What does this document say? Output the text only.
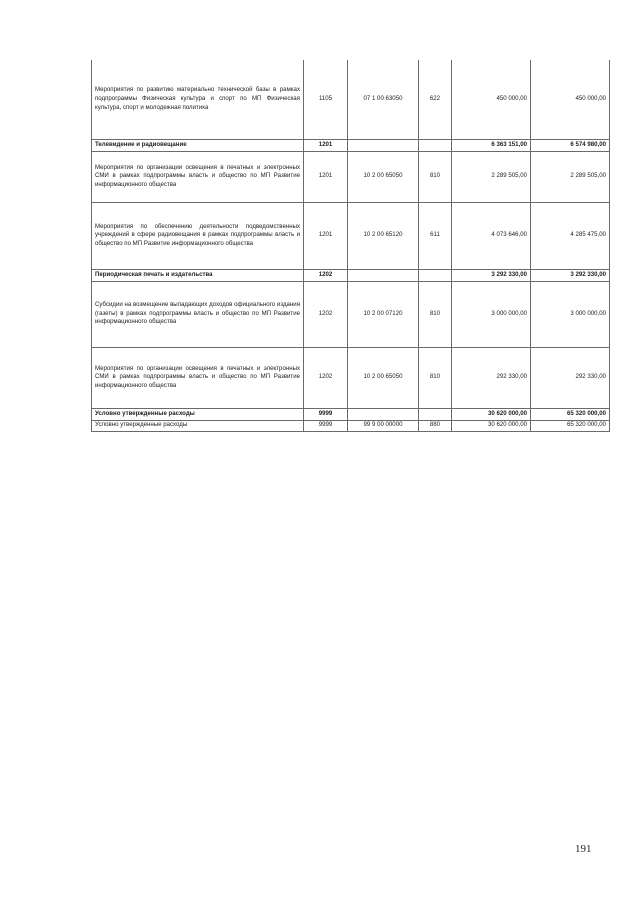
Мероприятия по развитию материально технической базы в рамках подпрограммы Физическая культура и спорт по МП Физическая культура, спорт и молодежная политика	1105	07 1 00 63050	622	450 000,00	450 000,00
Телевидение и радиовещание	1201			6 363 151,00	6 574 980,00
Мероприятия по организации освещения в печатных и электронных СМИ в рамках подпрограммы власть и общество по МП Развитие информационного общества	1201	10 2 00 65050	810	2 289 505,00	2 289 505,00
Мероприятия по обеспечению деятельности подведомственных учреждений в сфере радиовещания в рамках подпрограммы власть и общество по МП Развитие информационного общества	1201	10 2 00 65120	611	4 073 646,00	4 285 475,00
Периодическая печать и издательства	1202			3 292 330,00	3 292 330,00
Субсидии на возмещение выпадающих доходов официального издания (газеты) в рамках подпрограммы власть и общество по МП Развитие информационного общества	1202	10 2 00 07120	810	3 000 000,00	3 000 000,00
Мероприятия по организации освещения в печатных и электронных СМИ в рамках подпрограммы власть и общество по МП Развитие информационного общества	1202	10 2 00 65050	810	292 330,00	292 330,00
Условно утвержденные расходы	9999			30 620 000,00	65 320 000,00
Условно утвержденные расходы	9999	99 9 00 00000	880	30 620 000,00	65 320 000,00
191
